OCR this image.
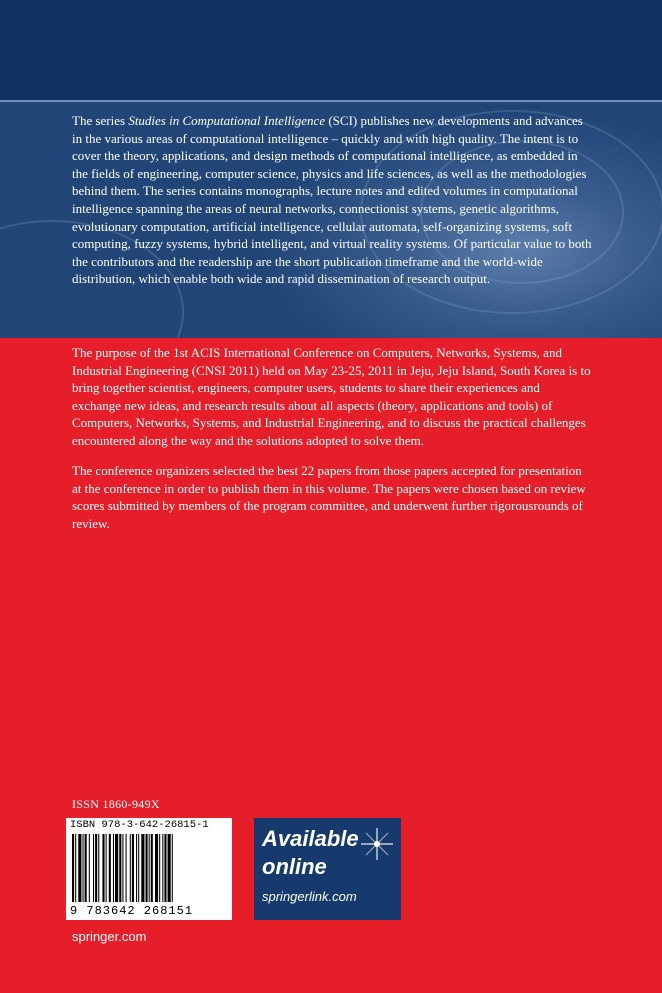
The series Studies in Computational Intelligence (SCI) publishes new developments and advances in the various areas of computational intelligence – quickly and with high quality. The intent is to cover the theory, applications, and design methods of computational intelligence, as embedded in the fields of engineering, computer science, physics and life sciences, as well as the methodologies behind them. The series contains monographs, lecture notes and edited volumes in computational intelligence spanning the areas of neural networks, connectionist systems, genetic algorithms, evolutionary computation, artificial intelligence, cellular automata, self-organizing systems, soft computing, fuzzy systems, hybrid intelligent, and virtual reality systems. Of particular value to both the contributors and the readership are the short publication timeframe and the world-wide distribution, which enable both wide and rapid dissemination of research output.

The purpose of the 1st ACIS International Conference on Computers, Networks, Systems, and Industrial Engineering (CNSI 2011) held on May 23-25, 2011 in Jeju, Jeju Island, South Korea is to bring together scientist, engineers, computer users, students to share their experiences and exchange new ideas, and research results about all aspects (theory, applications and tools) of Computers, Networks, Systems, and Industrial Engineering, and to discuss the practical challenges encountered along the way and the solutions adopted to solve them.

The conference organizers selected the best 22 papers from those papers accepted for presentation at the conference in order to publish them in this volume. The papers were chosen based on review scores submitted by members of the program committee, and underwent further rigorousrounds of review.

ISSN 1860-949X
ISBN 978-3-642-26815-1
9 783642 268151
Available
online
springerlink.com
springer.com
